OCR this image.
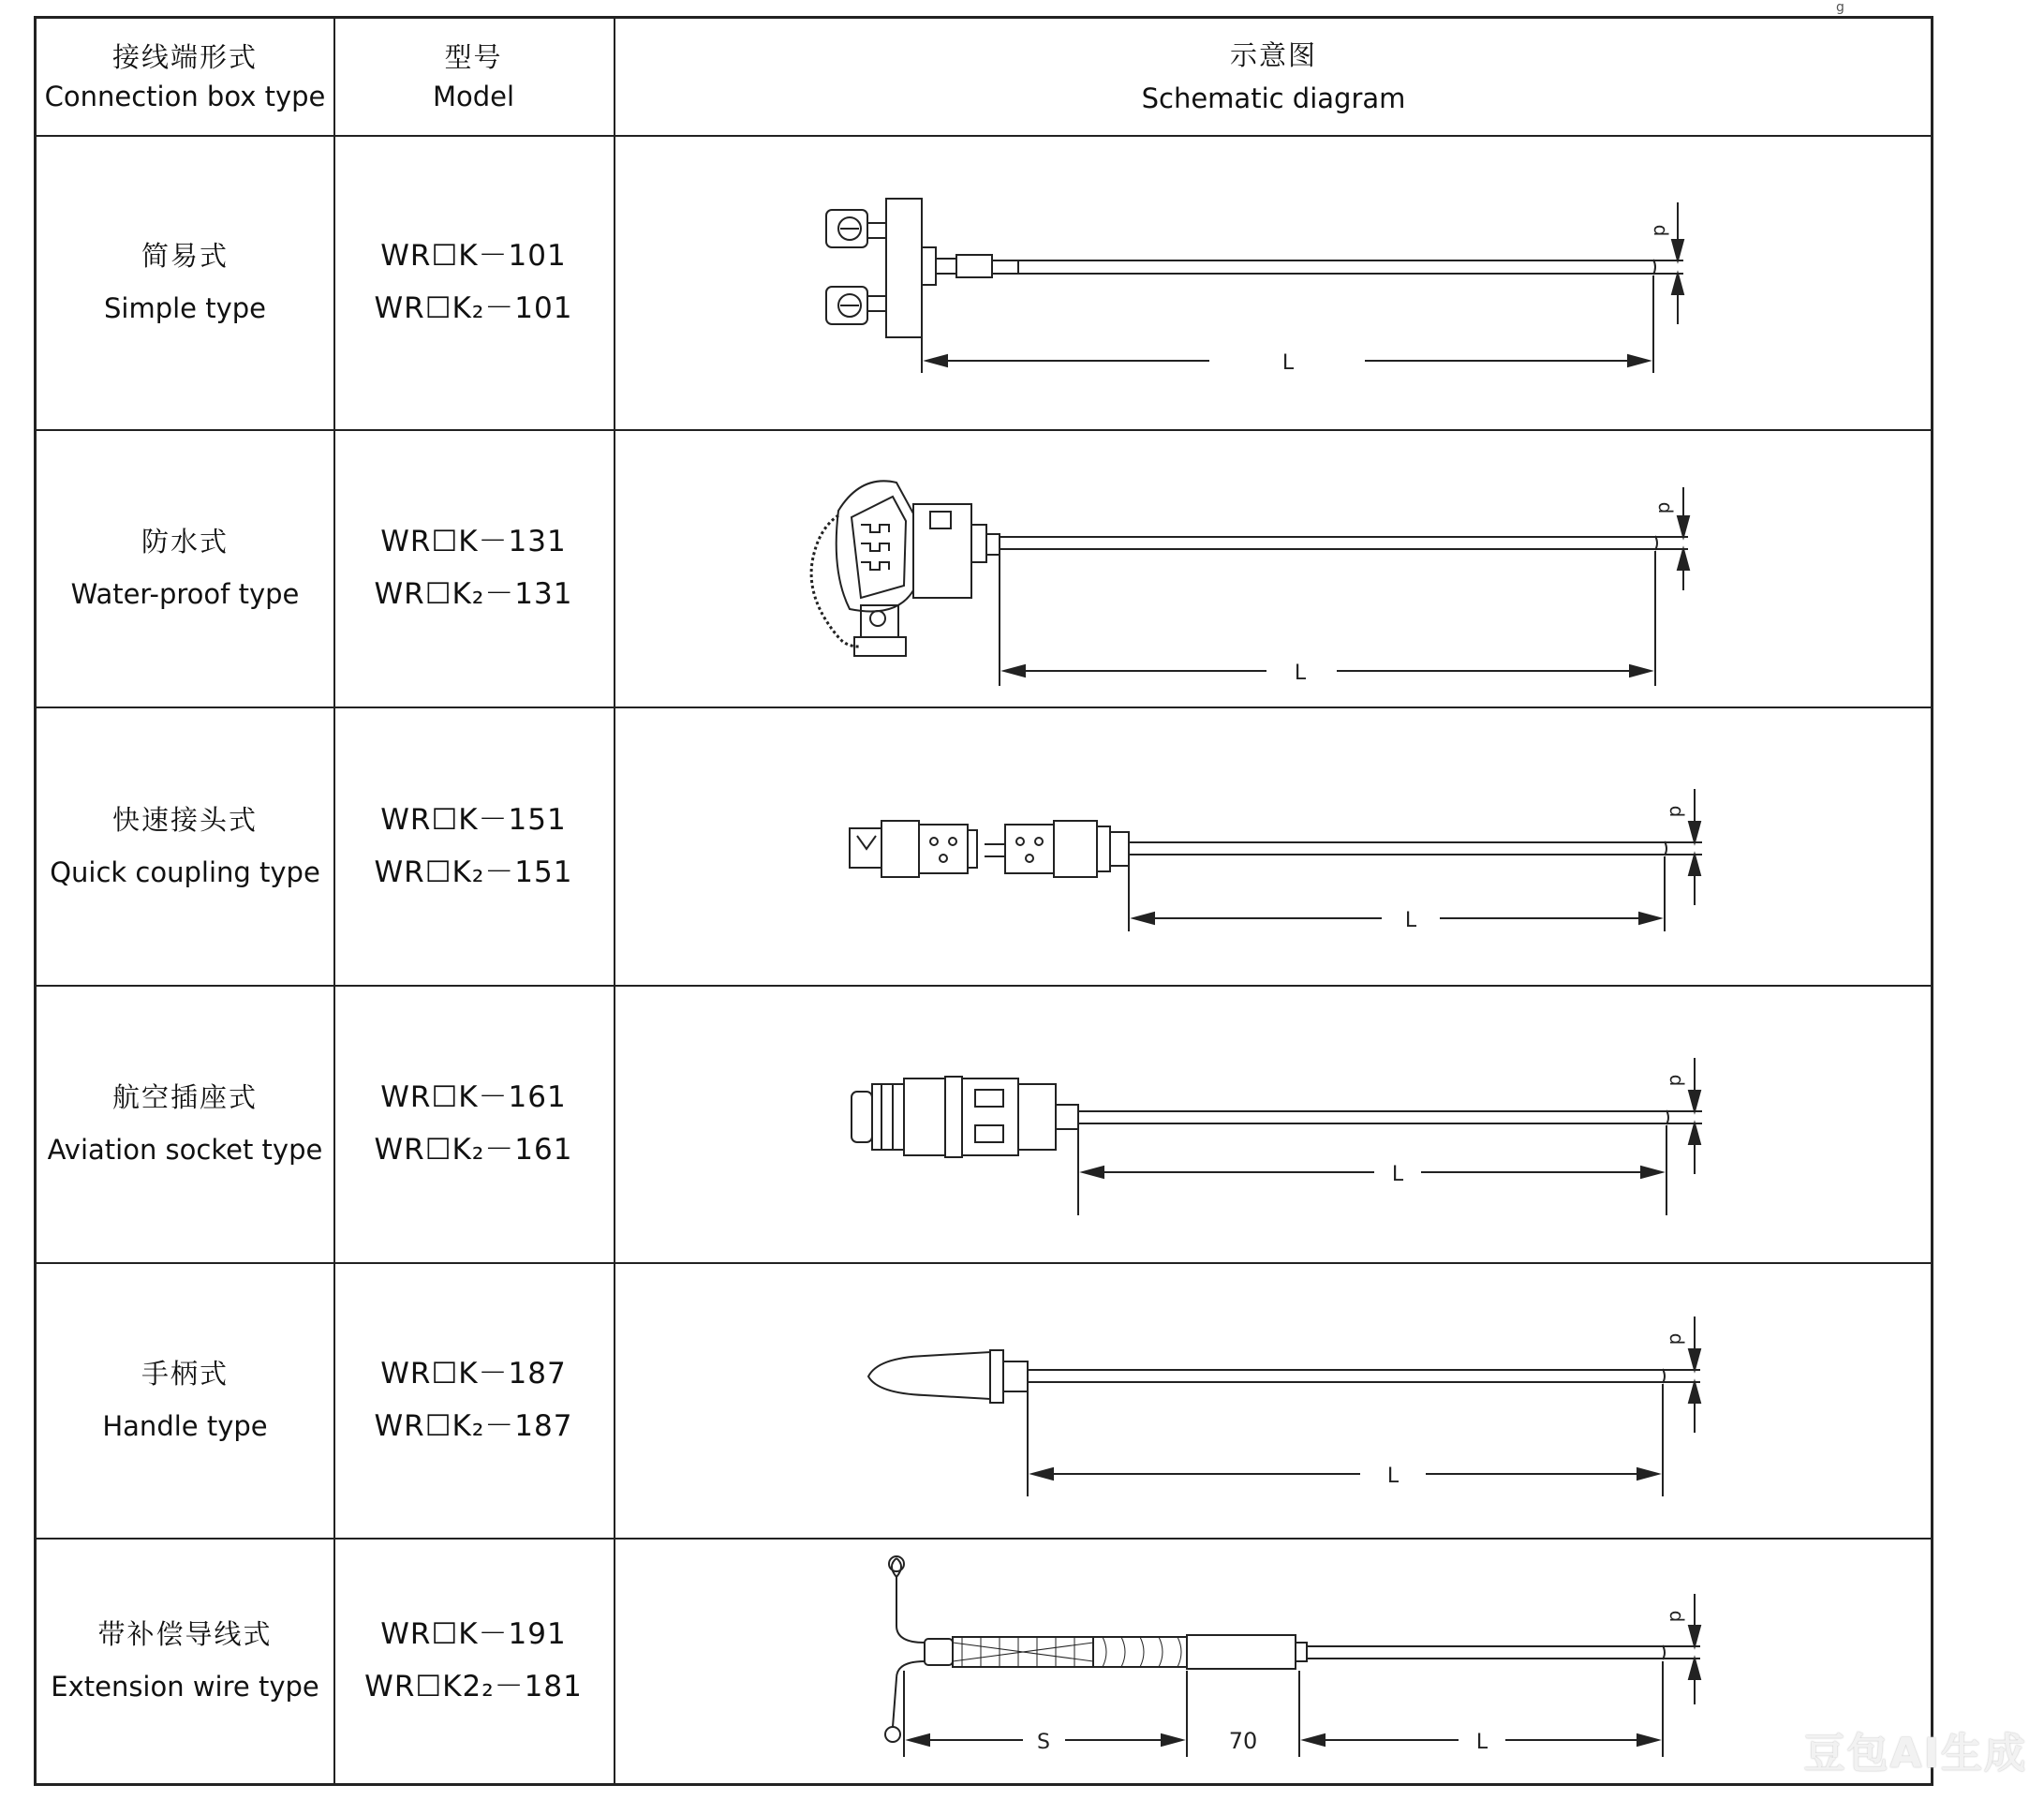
g
接线端形式
Connection box type
型号
Model
示意图
Schematic diagram
简易式
Simple type
WR☐K－101
WR☐K₂－101
防水式
Water-proof type
WR☐K－131
WR☐K₂－131
快速接头式
Quick coupling type
WR☐K－151
WR☐K₂－151
航空插座式
Aviation socket type
WR☐K－161
WR☐K₂－161
手柄式
Handle type
WR☐K－187
WR☐K₂－187
带补偿导线式
Extension wire type
WR☐K－191
WR☐K2₂－181
L
d
L
d
L
d
L
d
L
d
S	70	L
d
豆包AI生成
